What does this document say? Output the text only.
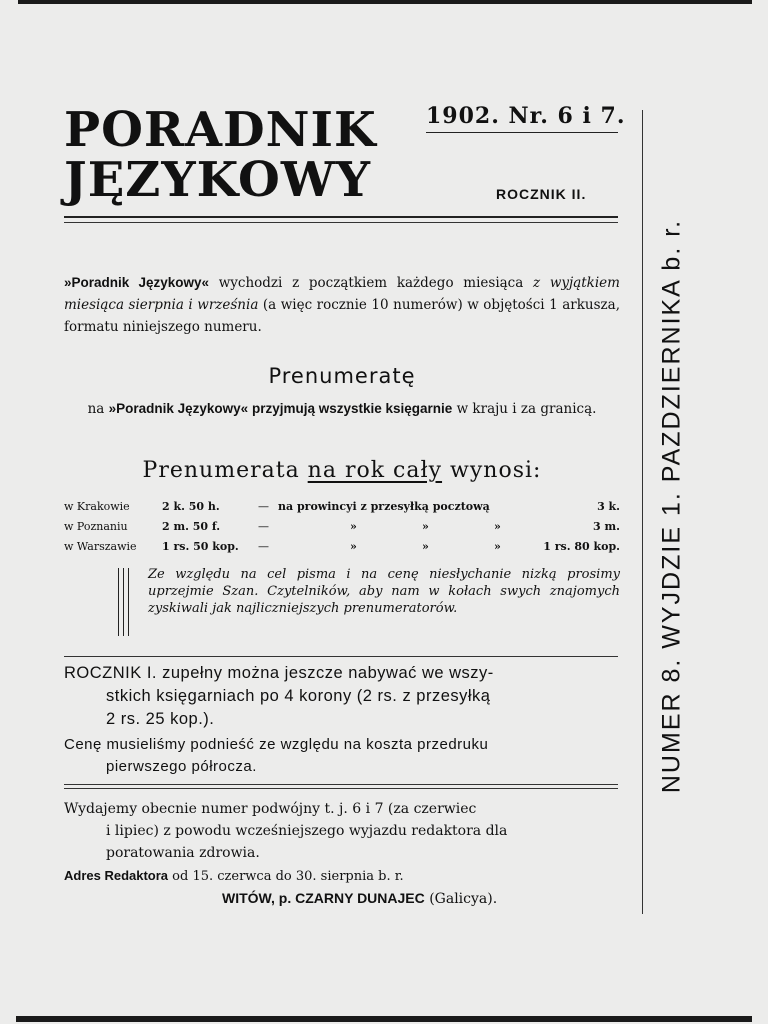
PORADNIK
JĘZYKOWY
1902. Nr. 6 i 7.
ROCZNIK II.
NUMER 8. WYJDZIE 1. PAZDZIERNIKA b. r.

»Poradnik Językowy« wychodzi z początkiem każdego miesiąca z wyjątkiem miesiąca sierpnia i września (a więc rocznie 10 numerów) w objętości 1 arkusza, formatu niniejszego numeru.

Prenumeratę

na »Poradnik Językowy« przyjmują wszystkie księgarnie w kraju i za granicą.

Prenumerata na rok cały wynosi:
w Krakowie	2 k. 50 h.	—	na prowincyi z przesyłką pocztową	3 k.
w Poznaniu	2 m. 50 f.	—	»                 »                 »	3 m.
w Warszawie	1 rs. 50 kop.	—	»                 »                 »	1 rs. 80 kop.
Ze względu na cel pisma i na cenę niesłychanie nizką prosimy uprzejmie Szan. Czytelników, aby nam w kołach swych znajomych zyskiwali jak najliczniejszych prenumeratorów.
ROCZNIK I. zupełny można jeszcze nabywać we wszy-
stkich księgarniach po 4 korony (2 rs. z przesyłką
2 rs. 25 kop.).
Cenę musieliśmy podnieść ze względu na koszta przedruku
pierwszego półrocza.
Wydajemy obecnie numer podwójny t. j. 6 i 7 (za czerwiec
i lipiec) z powodu wcześniejszego wyjazdu redaktora dla
poratowania zdrowia.
Adres Redaktora od 15. czerwca do 30. sierpnia b. r.
WITÓW, p. CZARNY DUNAJEC (Galicya).
